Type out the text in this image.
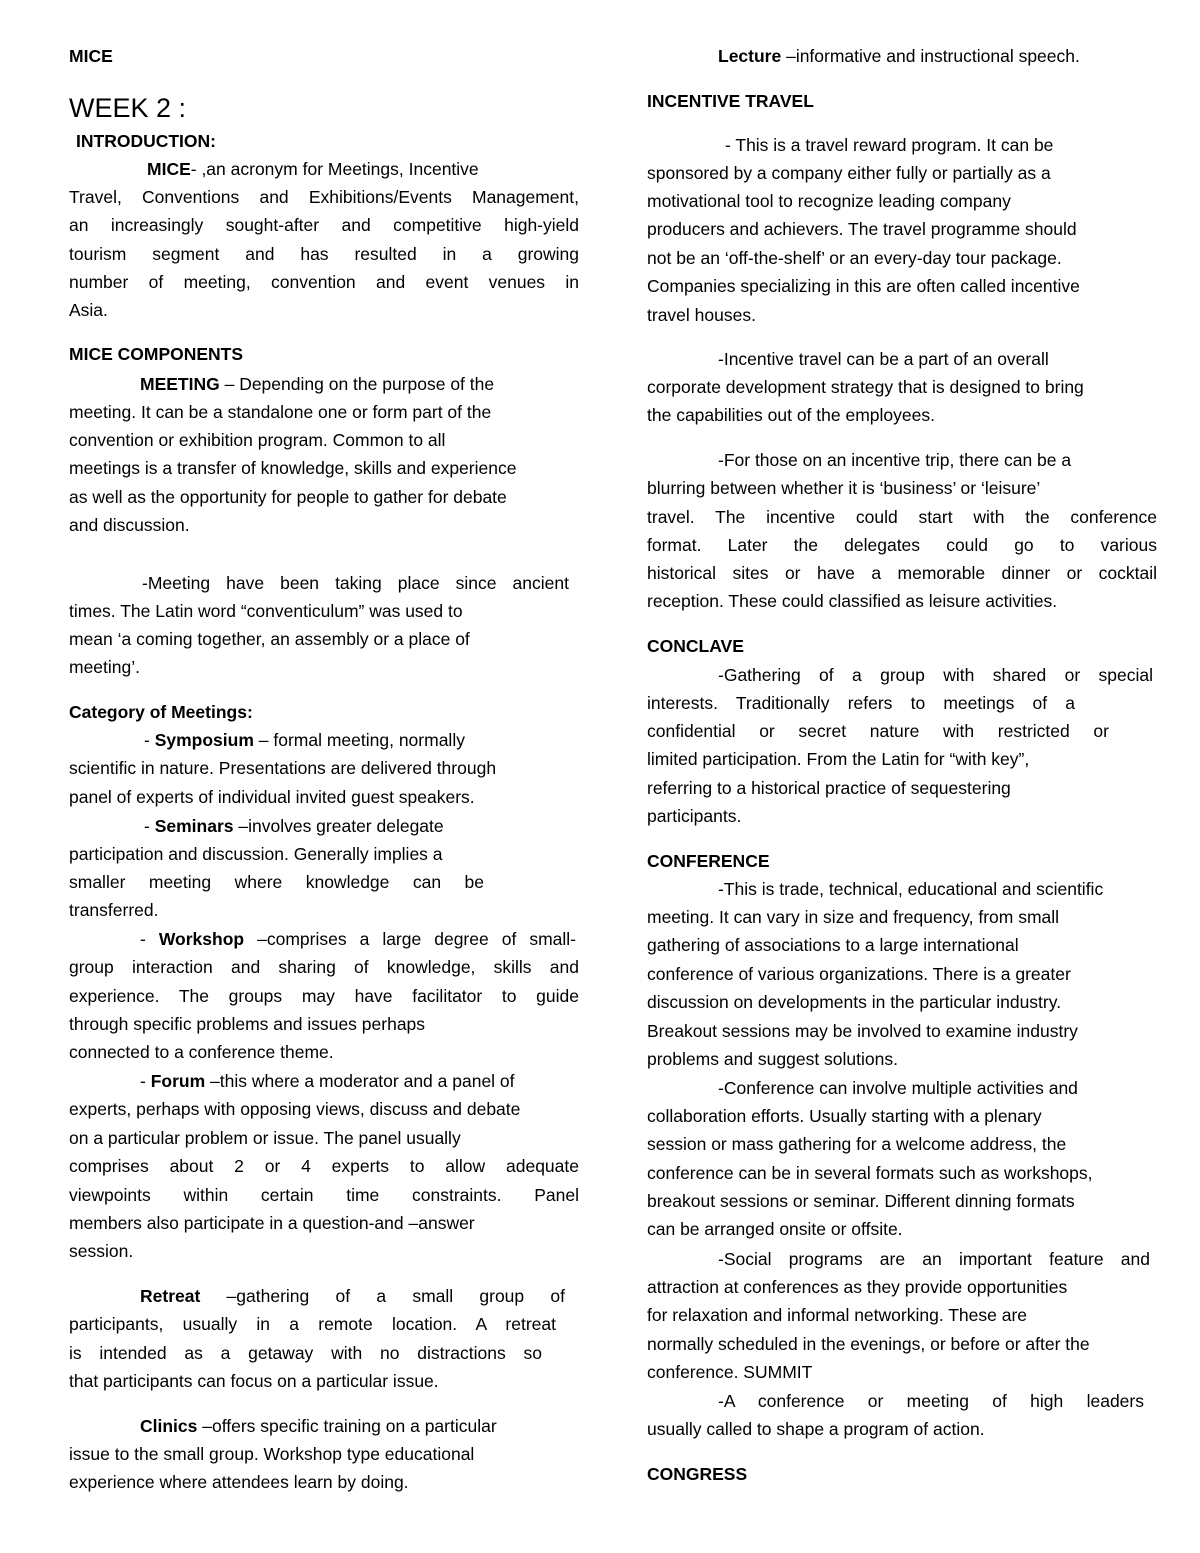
MICE
WEEK 2 :
INTRODUCTION:
MICE- ,an acronym for Meetings, Incentive
Travel, Conventions and Exhibitions/Events Management,
an increasingly sought-after and competitive high-yield
tourism segment and has resulted in a growing
number of meeting, convention and event venues in
Asia.
MICE COMPONENTS
MEETING – Depending on the purpose of the
meeting. It can be a standalone one or form part of the
convention or exhibition program. Common to all
meetings is a transfer of knowledge, skills and experience
as well as the opportunity for people to gather for debate
and discussion.
-Meeting have been taking place since ancient
times. The Latin word “conventiculum” was used to
mean ‘a coming together, an assembly or a place of
meeting’.
Category of Meetings:
- Symposium – formal meeting, normally
scientific in nature. Presentations are delivered through
panel of experts of individual invited guest speakers.
- Seminars –involves greater delegate
participation and discussion. Generally implies a
smaller meeting where knowledge can be
transferred.
- Workshop –comprises a large degree of small-
group interaction and sharing of knowledge, skills and
experience. The groups may have facilitator to guide
through specific problems and issues perhaps
connected to a conference theme.
- Forum –this where a moderator and a panel of
experts, perhaps with opposing views, discuss and debate
on a particular problem or issue. The panel usually
comprises about 2 or 4 experts to allow adequate
viewpoints within certain time constraints. Panel
members also participate in a question-and –answer
session.
Retreat –gathering of a small group of
participants, usually in a remote location. A retreat
is intended as a getaway with no distractions so
that participants can focus on a particular issue.
Clinics –offers specific training on a particular
issue to the small group. Workshop type educational
experience where attendees learn by doing.
Lecture –informative and instructional speech.
INCENTIVE TRAVEL
- This is a travel reward program. It can be
sponsored by a company either fully or partially as a
motivational tool to recognize leading company
producers and achievers. The travel programme should
not be an ‘off-the-shelf’ or an every-day tour package.
Companies specializing in this are often called incentive
travel houses.
-Incentive travel can be a part of an overall
corporate development strategy that is designed to bring
the capabilities out of the employees.
-For those on an incentive trip, there can be a
blurring between whether it is ‘business’ or ‘leisure’
travel. The incentive could start with the conference
format. Later the delegates could go to various
historical sites or have a memorable dinner or cocktail
reception. These could classified as leisure activities.
CONCLAVE
-Gathering of a group with shared or special
interests. Traditionally refers to meetings of a
confidential or secret nature with restricted or
limited participation. From the Latin for “with key”,
referring to a historical practice of sequestering
participants.
CONFERENCE
-This is trade, technical, educational and scientific
meeting. It can vary in size and frequency, from small
gathering of associations to a large international
conference of various organizations. There is a greater
discussion on developments in the particular industry.
Breakout sessions may be involved to examine industry
problems and suggest solutions.
-Conference can involve multiple activities and
collaboration efforts. Usually starting with a plenary
session or mass gathering for a welcome address, the
conference can be in several formats such as workshops,
breakout sessions or seminar. Different dinning formats
can be arranged onsite or offsite.
-Social programs are an important feature and
attraction at conferences as they provide opportunities
for relaxation and informal networking. These are
normally scheduled in the evenings, or before or after the
conference. SUMMIT
-A conference or meeting of high leaders
usually called to shape a program of action.
CONGRESS
